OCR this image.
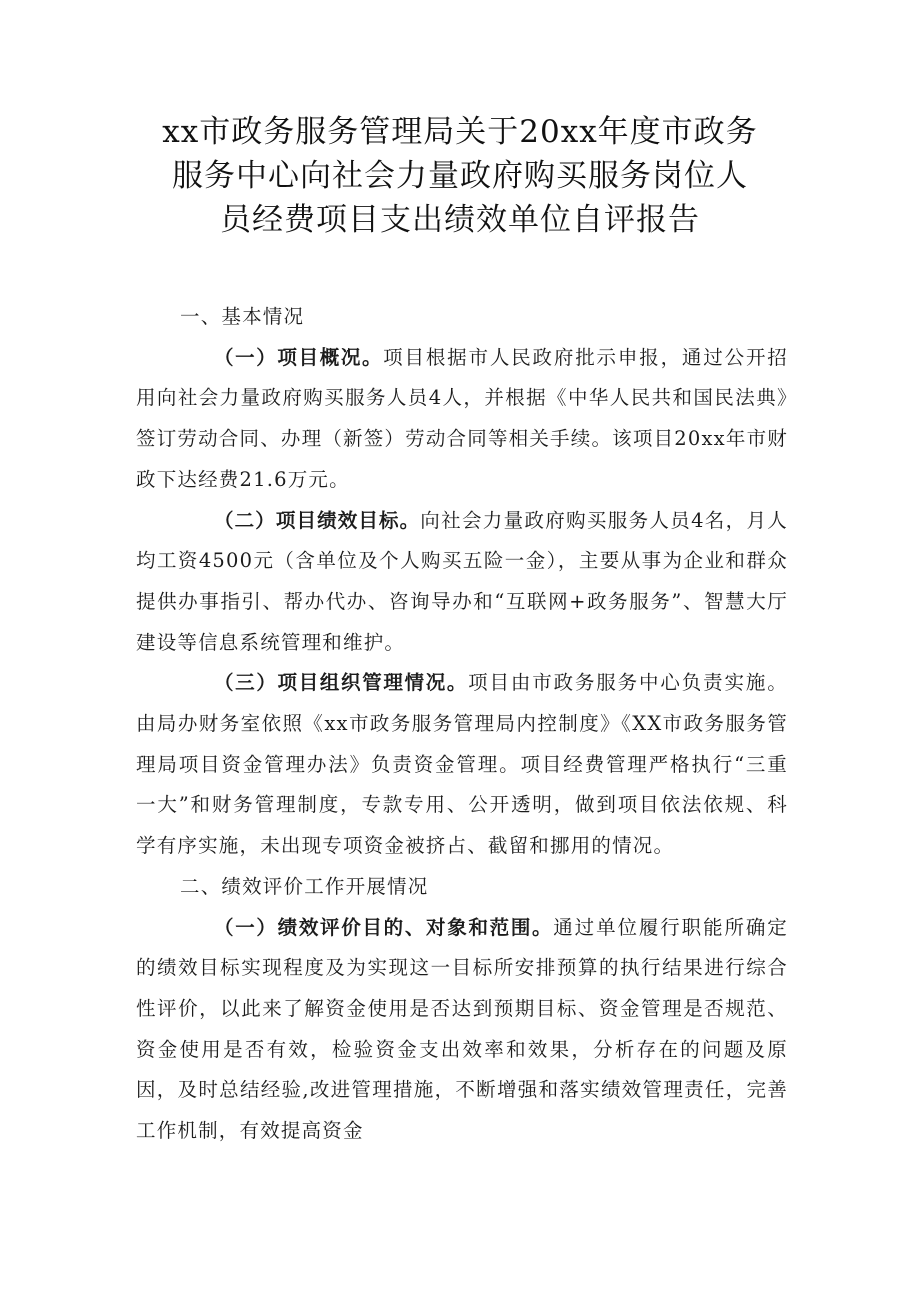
xx市政务服务管理局关于20xx年度市政务
服务中心向社会力量政府购买服务岗位人
员经费项目支出绩效单位自评报告
一、基本情况

（一）项目概况。项目根据市人民政府批示申报，通过公开招用向社会力量政府购买服务人员4人，并根据《中华人民共和国民法典》签订劳动合同、办理（新签）劳动合同等相关手续。该项目20xx年市财政下达经费21.6万元。

（二）项目绩效目标。向社会力量政府购买服务人员4名，月人均工资4500元（含单位及个人购买五险一金），主要从事为企业和群众提供办事指引、帮办代办、咨询导办和“互联网+政务服务”、智慧大厅建设等信息系统管理和维护。

（三）项目组织管理情况。项目由市政务服务中心负责实施。由局办财务室依照《xx市政务服务管理局内控制度》《XX市政务服务管理局项目资金管理办法》负责资金管理。项目经费管理严格执行“三重一大”和财务管理制度，专款专用、公开透明，做到项目依法依规、科学有序实施，未出现专项资金被挤占、截留和挪用的情况。

二、绩效评价工作开展情况

（一）绩效评价目的、对象和范围。通过单位履行职能所确定的绩效目标实现程度及为实现这一目标所安排预算的执行结果进行综合性评价，以此来了解资金使用是否达到预期目标、资金管理是否规范、资金使用是否有效，检验资金支出效率和效果，分析存在的问题及原因，及时总结经验,改进管理措施，不断增强和落实绩效管理责任，完善工作机制，有效提高资金
